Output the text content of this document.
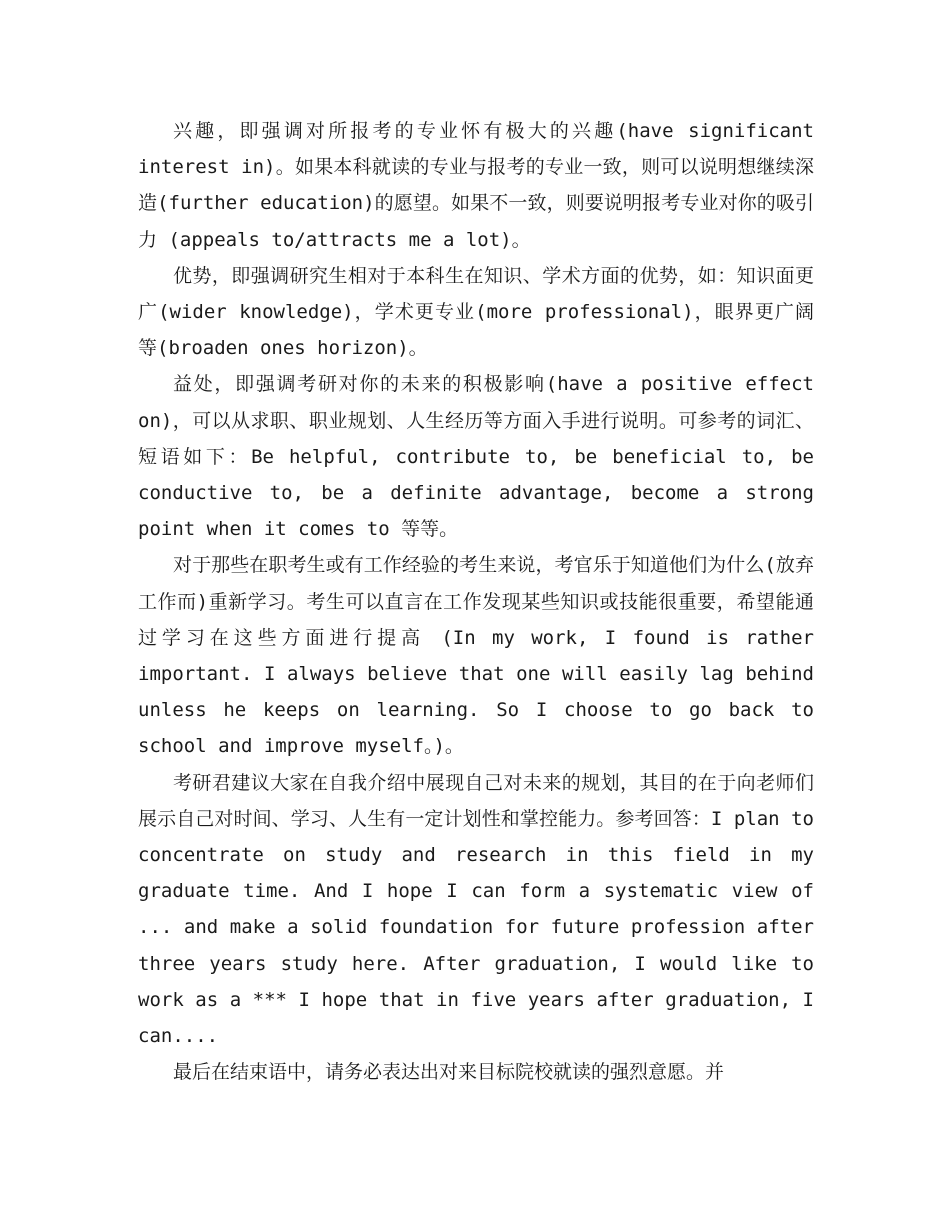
兴趣，即强调对所报考的专业怀有极大的兴趣(have significant interest in)。如果本科就读的专业与报考的专业一致，则可以说明想继续深造(further education)的愿望。如果不一致，则要说明报考专业对你的吸引力 (appeals to/attracts me a lot)。

优势，即强调研究生相对于本科生在知识、学术方面的优势，如：知识面更广(wider knowledge)，学术更专业(more professional)，眼界更广阔等(broaden ones horizon)。

益处，即强调考研对你的未来的积极影响(have a positive effect on)，可以从求职、职业规划、人生经历等方面入手进行说明。可参考的词汇、短语如下：Be helpful, contribute to, be beneficial to, be conductive to, be a definite advantage, become a strong point when it comes to 等等。

对于那些在职考生或有工作经验的考生来说，考官乐于知道他们为什么(放弃工作而)重新学习。考生可以直言在工作发现某些知识或技能很重要，希望能通过学习在这些方面进行提高 (In my work, I found is rather important. I always believe that one will easily lag behind unless he keeps on learning. So I choose to go back to school and improve myself。)。

考研君建议大家在自我介绍中展现自己对未来的规划，其目的在于向老师们展示自己对时间、学习、人生有一定计划性和掌控能力。参考回答：I plan to concentrate on study and research in this field in my graduate time. And I hope I can form a systematic view of ... and make a solid foundation for future profession after three years study here. After graduation, I would like to work as a *** I hope that in five years after graduation, I can....

最后在结束语中，请务必表达出对来目标院校就读的强烈意愿。并
